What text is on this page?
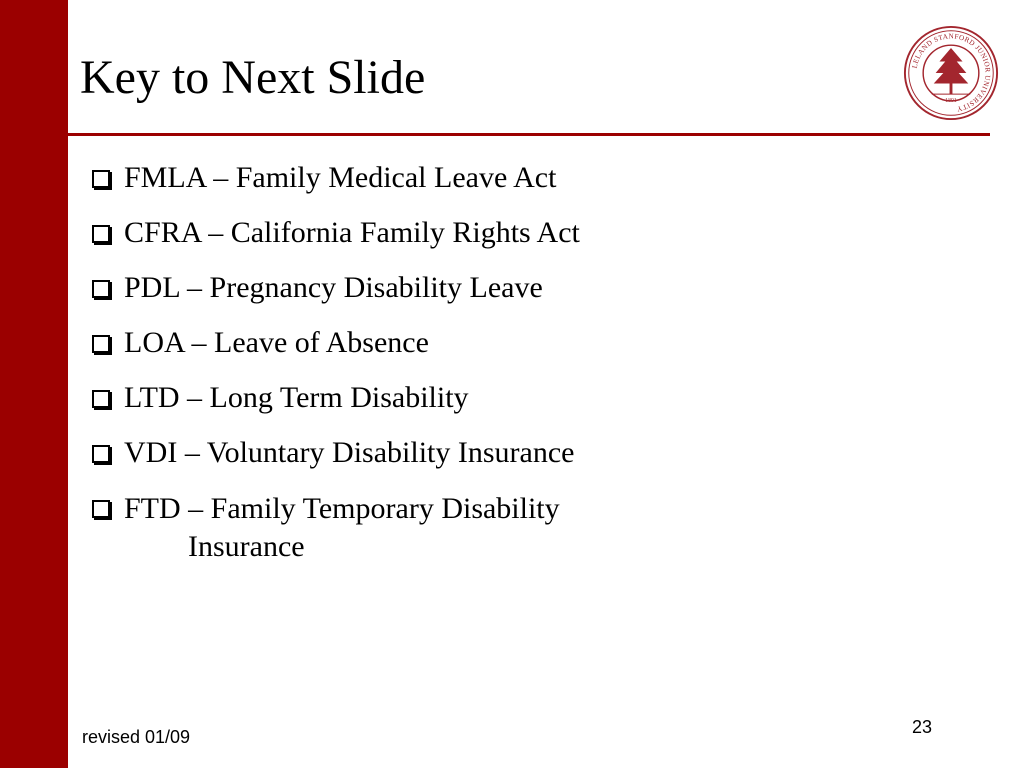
Key to Next Slide	LELAND STANFORD JUNIOR UNIVERSITY
1891
FMLA – Family Medical Leave Act
CFRA – California Family Rights Act
PDL – Pregnancy Disability Leave
LOA – Leave of Absence
LTD – Long Term Disability
VDI – Voluntary Disability Insurance
FTD – Family Temporary Disability
Insurance
revised 01/09	23
